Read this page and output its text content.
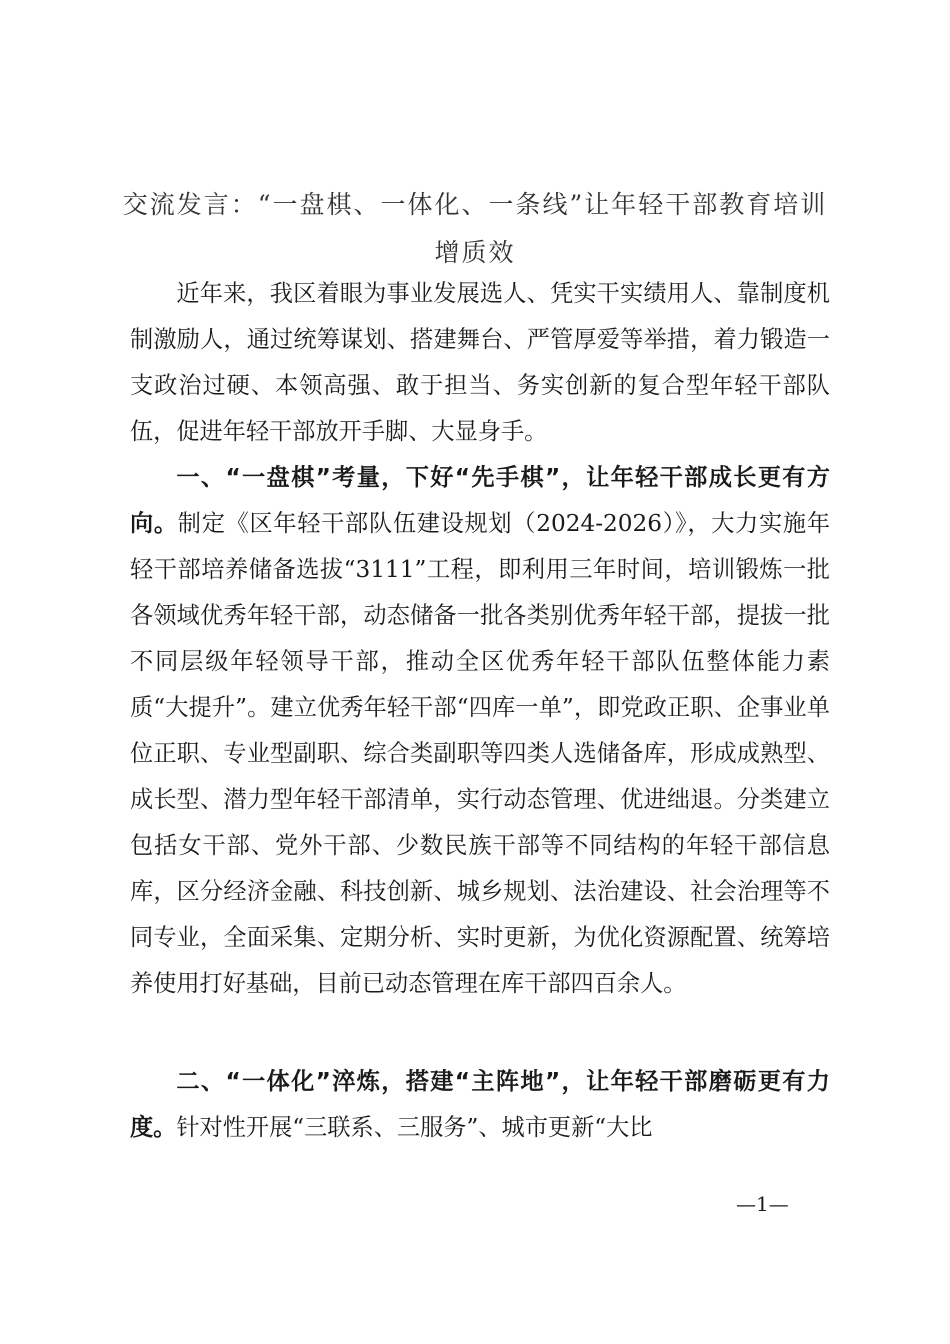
交流发言：“一盘棋、一体化、一条线”让年轻干部教育培训
增质效

近年来，我区着眼为事业发展选人、凭实干实绩用人、靠制度机制激励人，通过统筹谋划、搭建舞台、严管厚爱等举措，着力锻造一支政治过硬、本领高强、敢于担当、务实创新的复合型年轻干部队伍，促进年轻干部放开手脚、大显身手。

一、“一盘棋”考量，下好“先手棋”，让年轻干部成长更有方向。制定《区年轻干部队伍建设规划（2024-2026）》，大力实施年轻干部培养储备选拔“3111”工程，即利用三年时间，培训锻炼一批各领域优秀年轻干部，动态储备一批各类别优秀年轻干部，提拔一批不同层级年轻领导干部，推动全区优秀年轻干部队伍整体能力素质“大提升”。建立优秀年轻干部“四库一单”，即党政正职、企事业单位正职、专业型副职、综合类副职等四类人选储备库，形成成熟型、成长型、潜力型年轻干部清单，实行动态管理、优进绌退。分类建立包括女干部、党外干部、少数民族干部等不同结构的年轻干部信息库，区分经济金融、科技创新、城乡规划、法治建设、社会治理等不同专业，全面采集、定期分析、实时更新，为优化资源配置、统筹培养使用打好基础，目前已动态管理在库干部四百余人。

二、“一体化”淬炼，搭建“主阵地”，让年轻干部磨砺更有力度。针对性开展“三联系、三服务”、城市更新“大比

—1—
